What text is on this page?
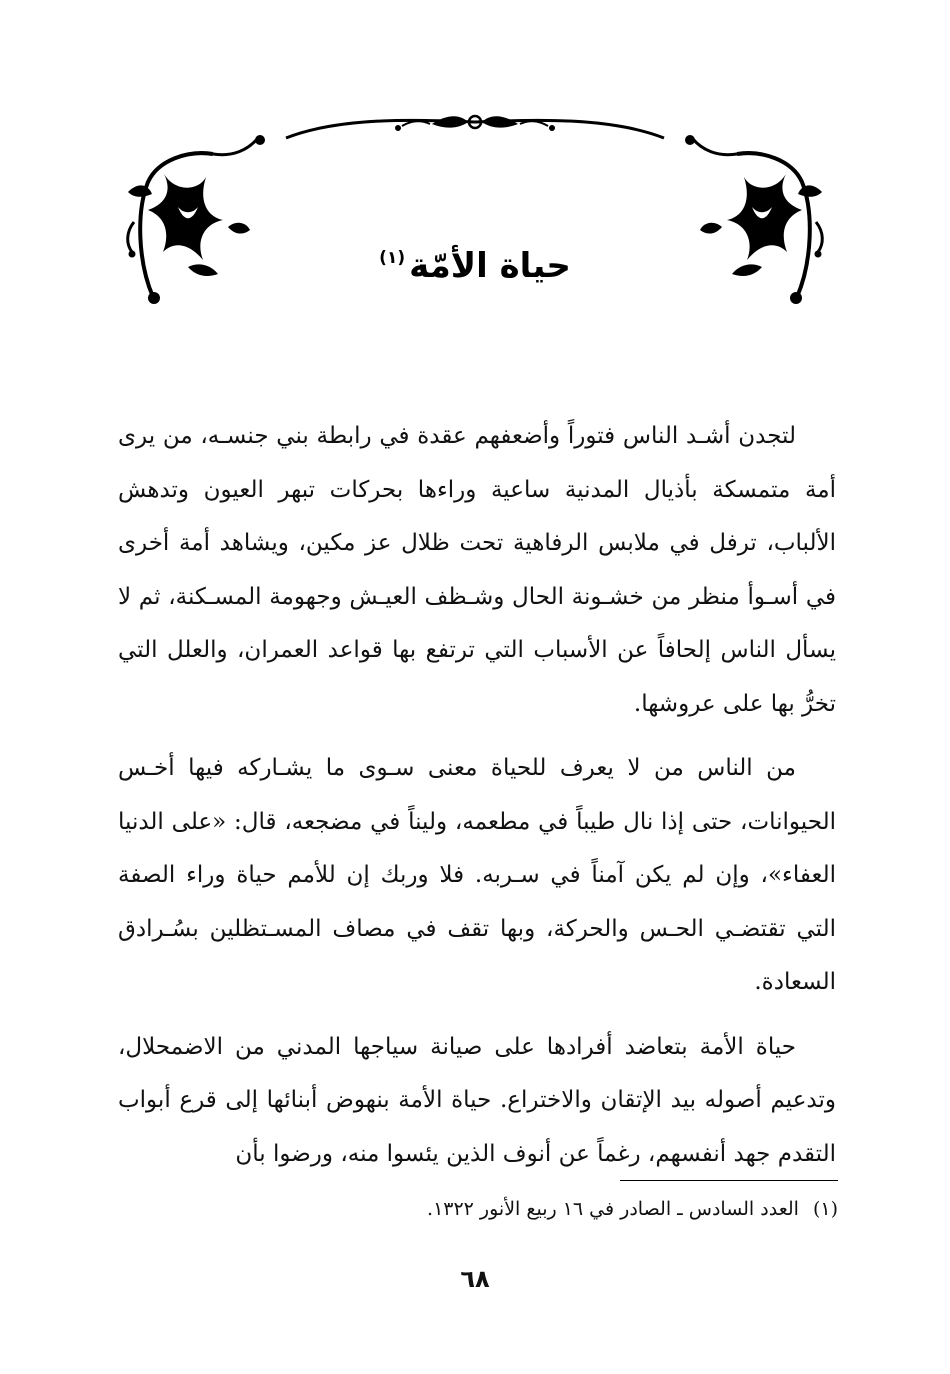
حياة الأمّة$^{(١)}$

لتجدن أشـد الناس فتوراً وأضعفهم عقدة في رابطة بني جنسـه، من يرى أمة متمسكة بأذيال المدنية ساعية وراءها بحركات تبهر العيون وتدهش الألباب، ترفل في ملابس الرفاهية تحت ظلال عز مكين، ويشاهد أمة أخرى في أسـوأ منظر من خشـونة الحال وشـظف العيـش وجهومة المسـكنة، ثم لا يسأل الناس إلحافاً عن الأسباب التي ترتفع بها قواعد العمران، والعلل التي تخرُّ بها على عروشها.

من الناس من لا يعرف للحياة معنى سـوى ما يشـاركه فيها أخـس الحيوانات، حتى إذا نال طيباً في مطعمه، وليناً في مضجعه، قال: «على الدنيا العفاء»، وإن لم يكن آمناً في سـربه. فلا وربك إن للأمم حياة وراء الصفة التي تقتضـي الحـس والحركة، وبها تقف في مصاف المسـتظلين بسُـرادق السعادة.

حياة الأمة بتعاضد أفرادها على صيانة سياجها المدني من الاضمحلال، وتدعيم أصوله بيد الإتقان والاختراع. حياة الأمة بنهوض أبنائها إلى قرع أبواب التقدم جهد أنفسهم، رغماً عن أنوف الذين يئسوا منه، ورضوا بأن

(١)العدد السادس ـ الصادر في ١٦ ربيع الأنور ١٣٢٢.
٦٨
